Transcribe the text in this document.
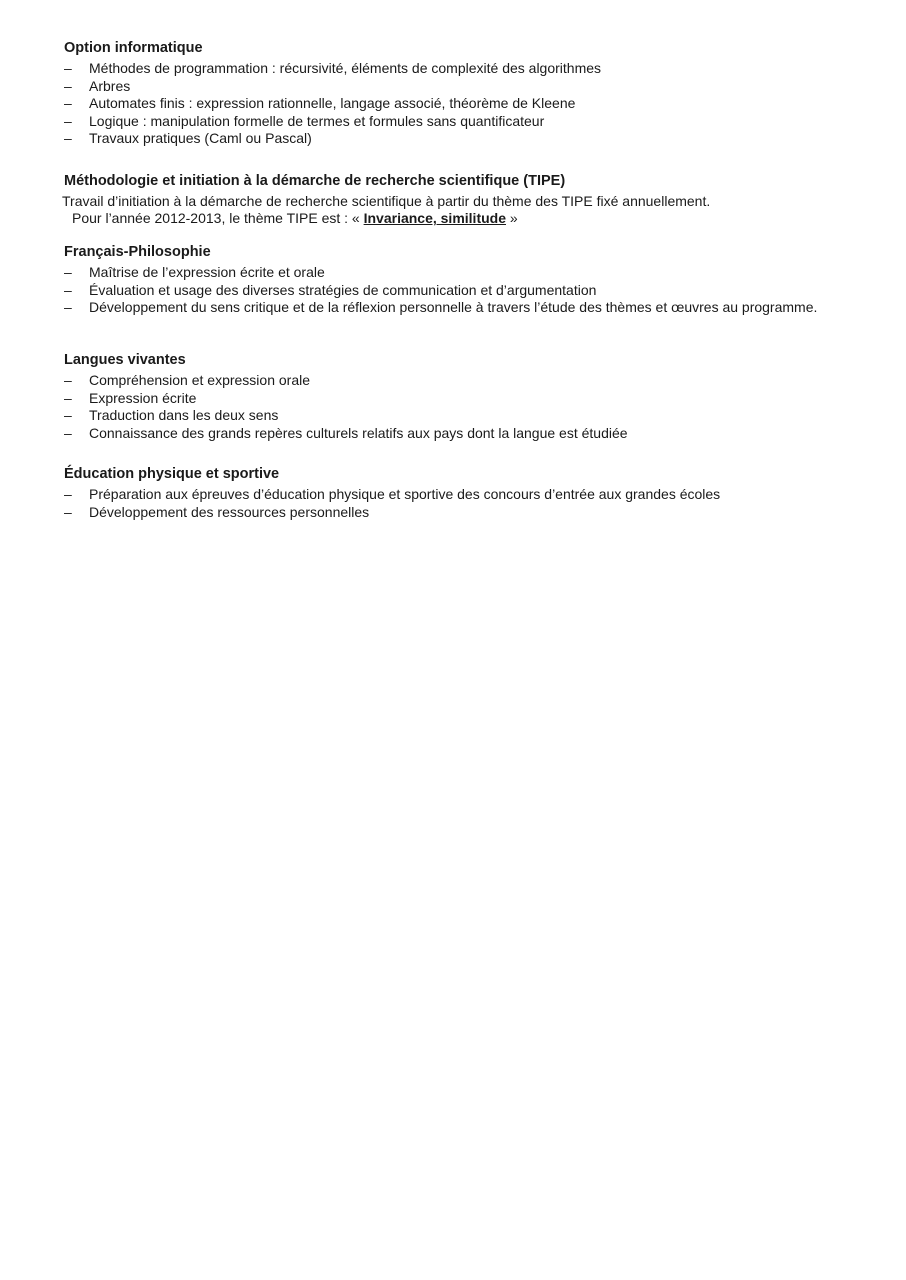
Option informatique
– Méthodes de programmation : récursivité, éléments de complexité des algorithmes
– Arbres
– Automates finis : expression rationnelle, langage associé, théorème de Kleene
– Logique : manipulation formelle de termes et formules sans quantificateur
– Travaux pratiques (Caml ou Pascal)
Méthodologie et initiation à la démarche de recherche scientifique (TIPE)
Travail d’initiation à la démarche de recherche scientifique à partir du thème des TIPE fixé annuellement.
Pour l’année 2012-2013, le thème TIPE est : « Invariance, similitude »
Français-Philosophie
– Maîtrise de l’expression écrite et orale
– Évaluation et usage des diverses stratégies de communication et d’argumentation
– Développement du sens critique et de la réflexion personnelle à travers l’étude des thèmes et œuvres au programme.
Langues vivantes
– Compréhension et expression orale
– Expression écrite
– Traduction dans les deux sens
– Connaissance des grands repères culturels relatifs aux pays dont la langue est étudiée
Éducation physique et sportive
– Préparation aux épreuves d’éducation physique et sportive des concours d’entrée aux grandes écoles
– Développement des ressources personnelles
